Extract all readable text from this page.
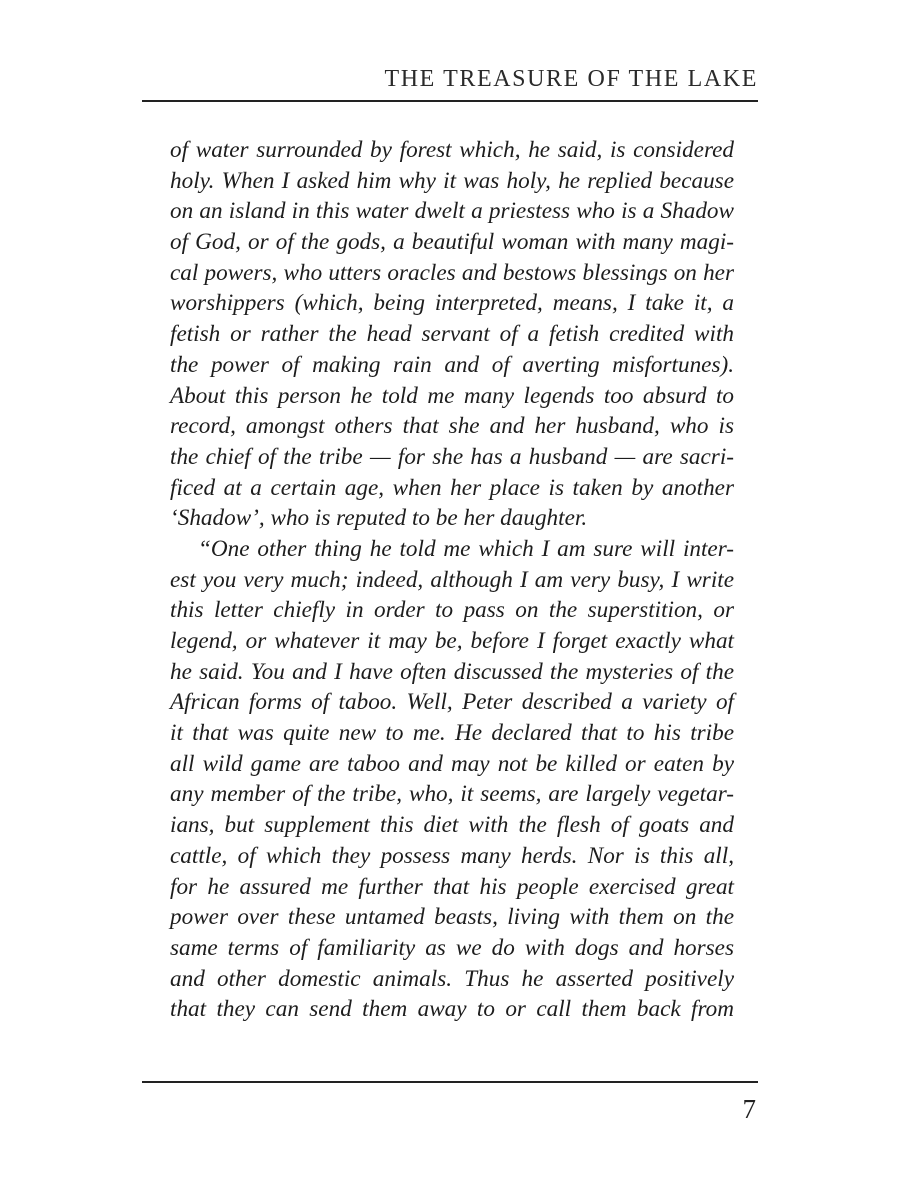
THE TREASURE OF THE LAKE
of water surrounded by forest which, he said, is considered
holy. When I asked him why it was holy, he replied because
on an island in this water dwelt a priestess who is a Shadow
of God, or of the gods, a beautiful woman with many magi-
cal powers, who utters oracles and bestows blessings on her
worshippers (which, being interpreted, means, I take it, a
fetish or rather the head servant of a fetish credited with
the power of making rain and of averting misfortunes).
About this person he told me many legends too absurd to
record, amongst others that she and her husband, who is
the chief of the tribe — for she has a husband — are sacri-
ficed at a certain age, when her place is taken by another
‘Shadow’, who is reputed to be her daughter.
“One other thing he told me which I am sure will inter-
est you very much; indeed, although I am very busy, I write
this letter chiefly in order to pass on the superstition, or
legend, or whatever it may be, before I forget exactly what
he said. You and I have often discussed the mysteries of the
African forms of taboo. Well, Peter described a variety of
it that was quite new to me. He declared that to his tribe
all wild game are taboo and may not be killed or eaten by
any member of the tribe, who, it seems, are largely vegetar-
ians, but supplement this diet with the flesh of goats and
cattle, of which they possess many herds. Nor is this all,
for he assured me further that his people exercised great
power over these untamed beasts, living with them on the
same terms of familiarity as we do with dogs and horses
and other domestic animals. Thus he asserted positively
that they can send them away to or call them back from
7
